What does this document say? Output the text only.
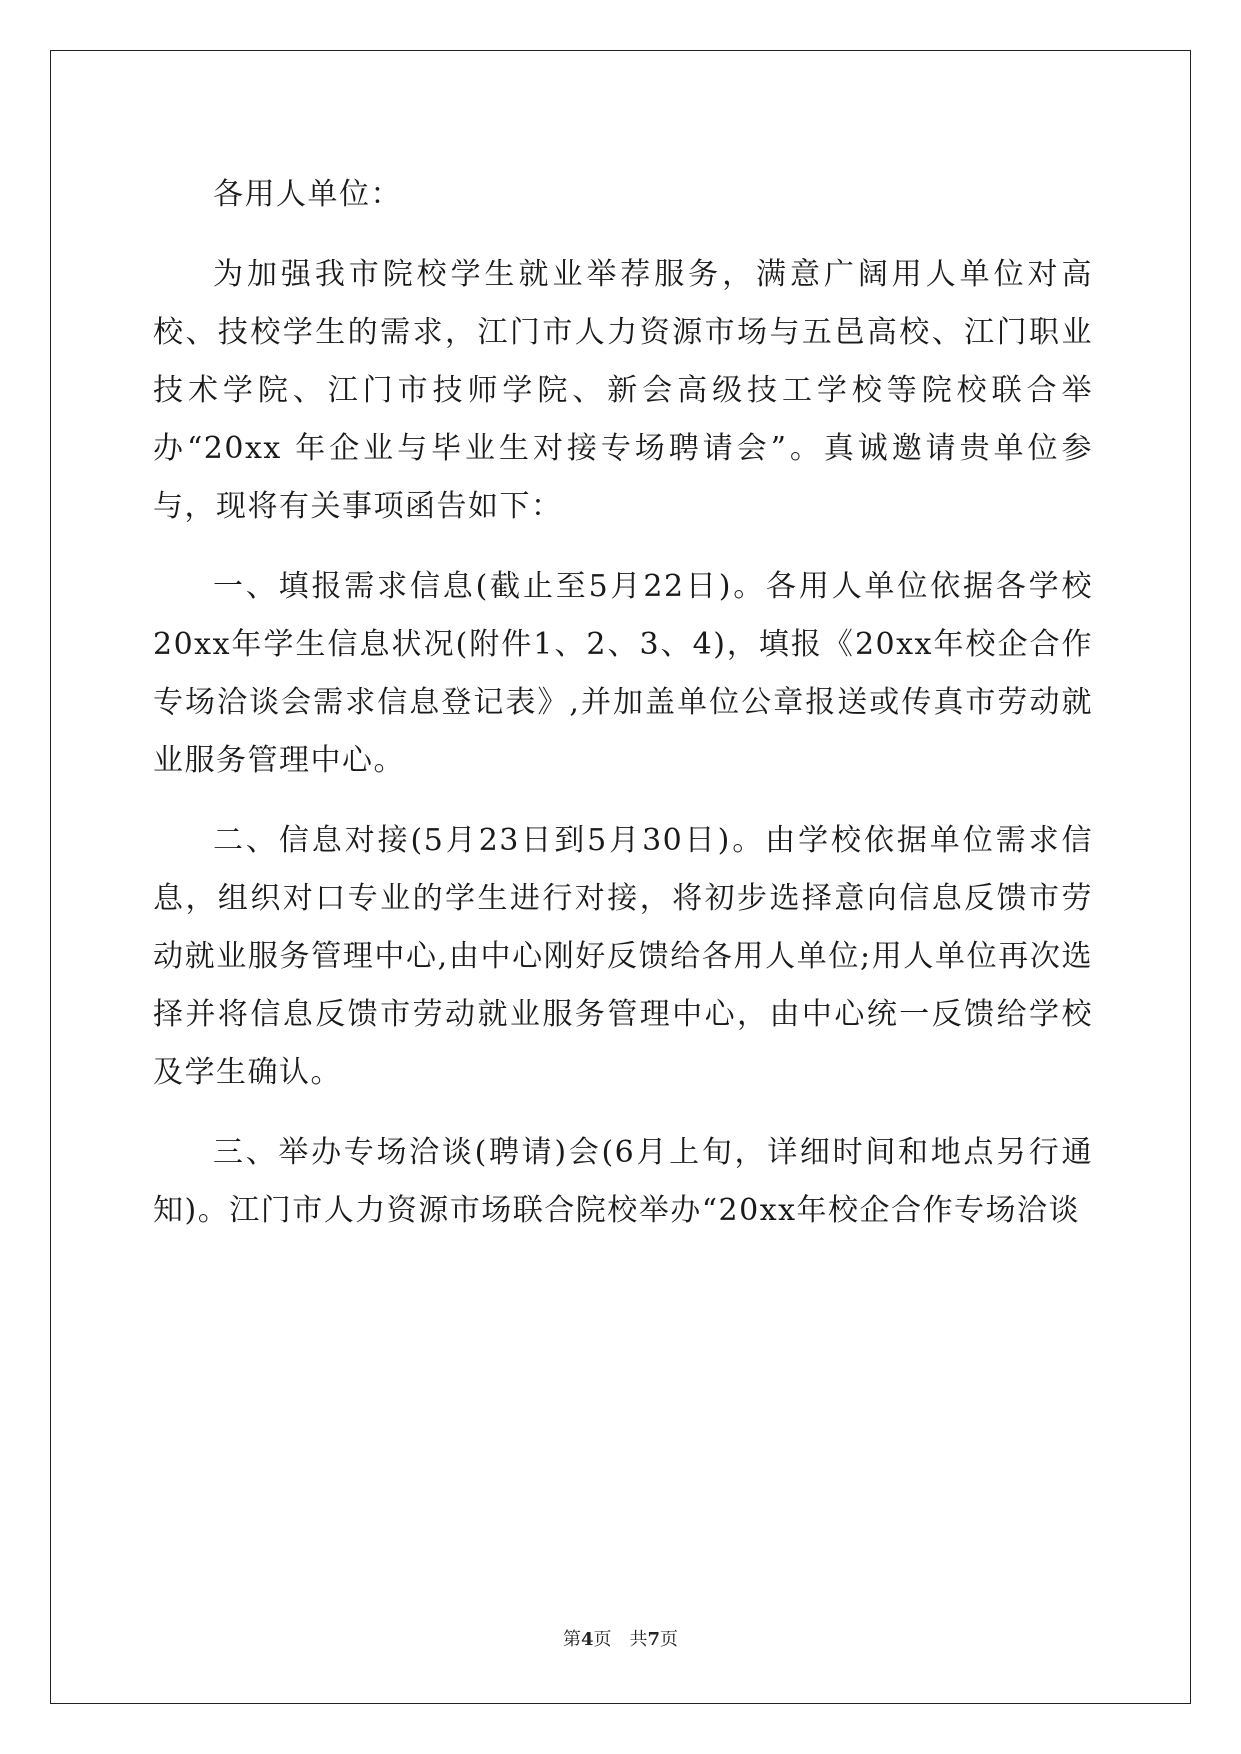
各用人单位：

为加强我市院校学生就业举荐服务，满意广阔用人单位对高校、技校学生的需求，江门市人力资源市场与五邑高校、江门职业技术学院、江门市技师学院、新会高级技工学校等院校联合举办“20xx 年企业与毕业生对接专场聘请会”。真诚邀请贵单位参与，现将有关事项函告如下：

一、填报需求信息(截止至5月22日)。各用人单位依据各学校20xx年学生信息状况(附件1、2、3、4)，填报《20xx年校企合作专场洽谈会需求信息登记表》,并加盖单位公章报送或传真市劳动就业服务管理中心。

二、信息对接(5月23日到5月30日)。由学校依据单位需求信息，组织对口专业的学生进行对接，将初步选择意向信息反馈市劳动就业服务管理中心,由中心刚好反馈给各用人单位;用人单位再次选择并将信息反馈市劳动就业服务管理中心，由中心统一反馈给学校及学生确认。

三、举办专场洽谈(聘请)会(6月上旬，详细时间和地点另行通知)。江门市人力资源市场联合院校举办“20xx年校企合作专场洽谈

第4页　共7页
